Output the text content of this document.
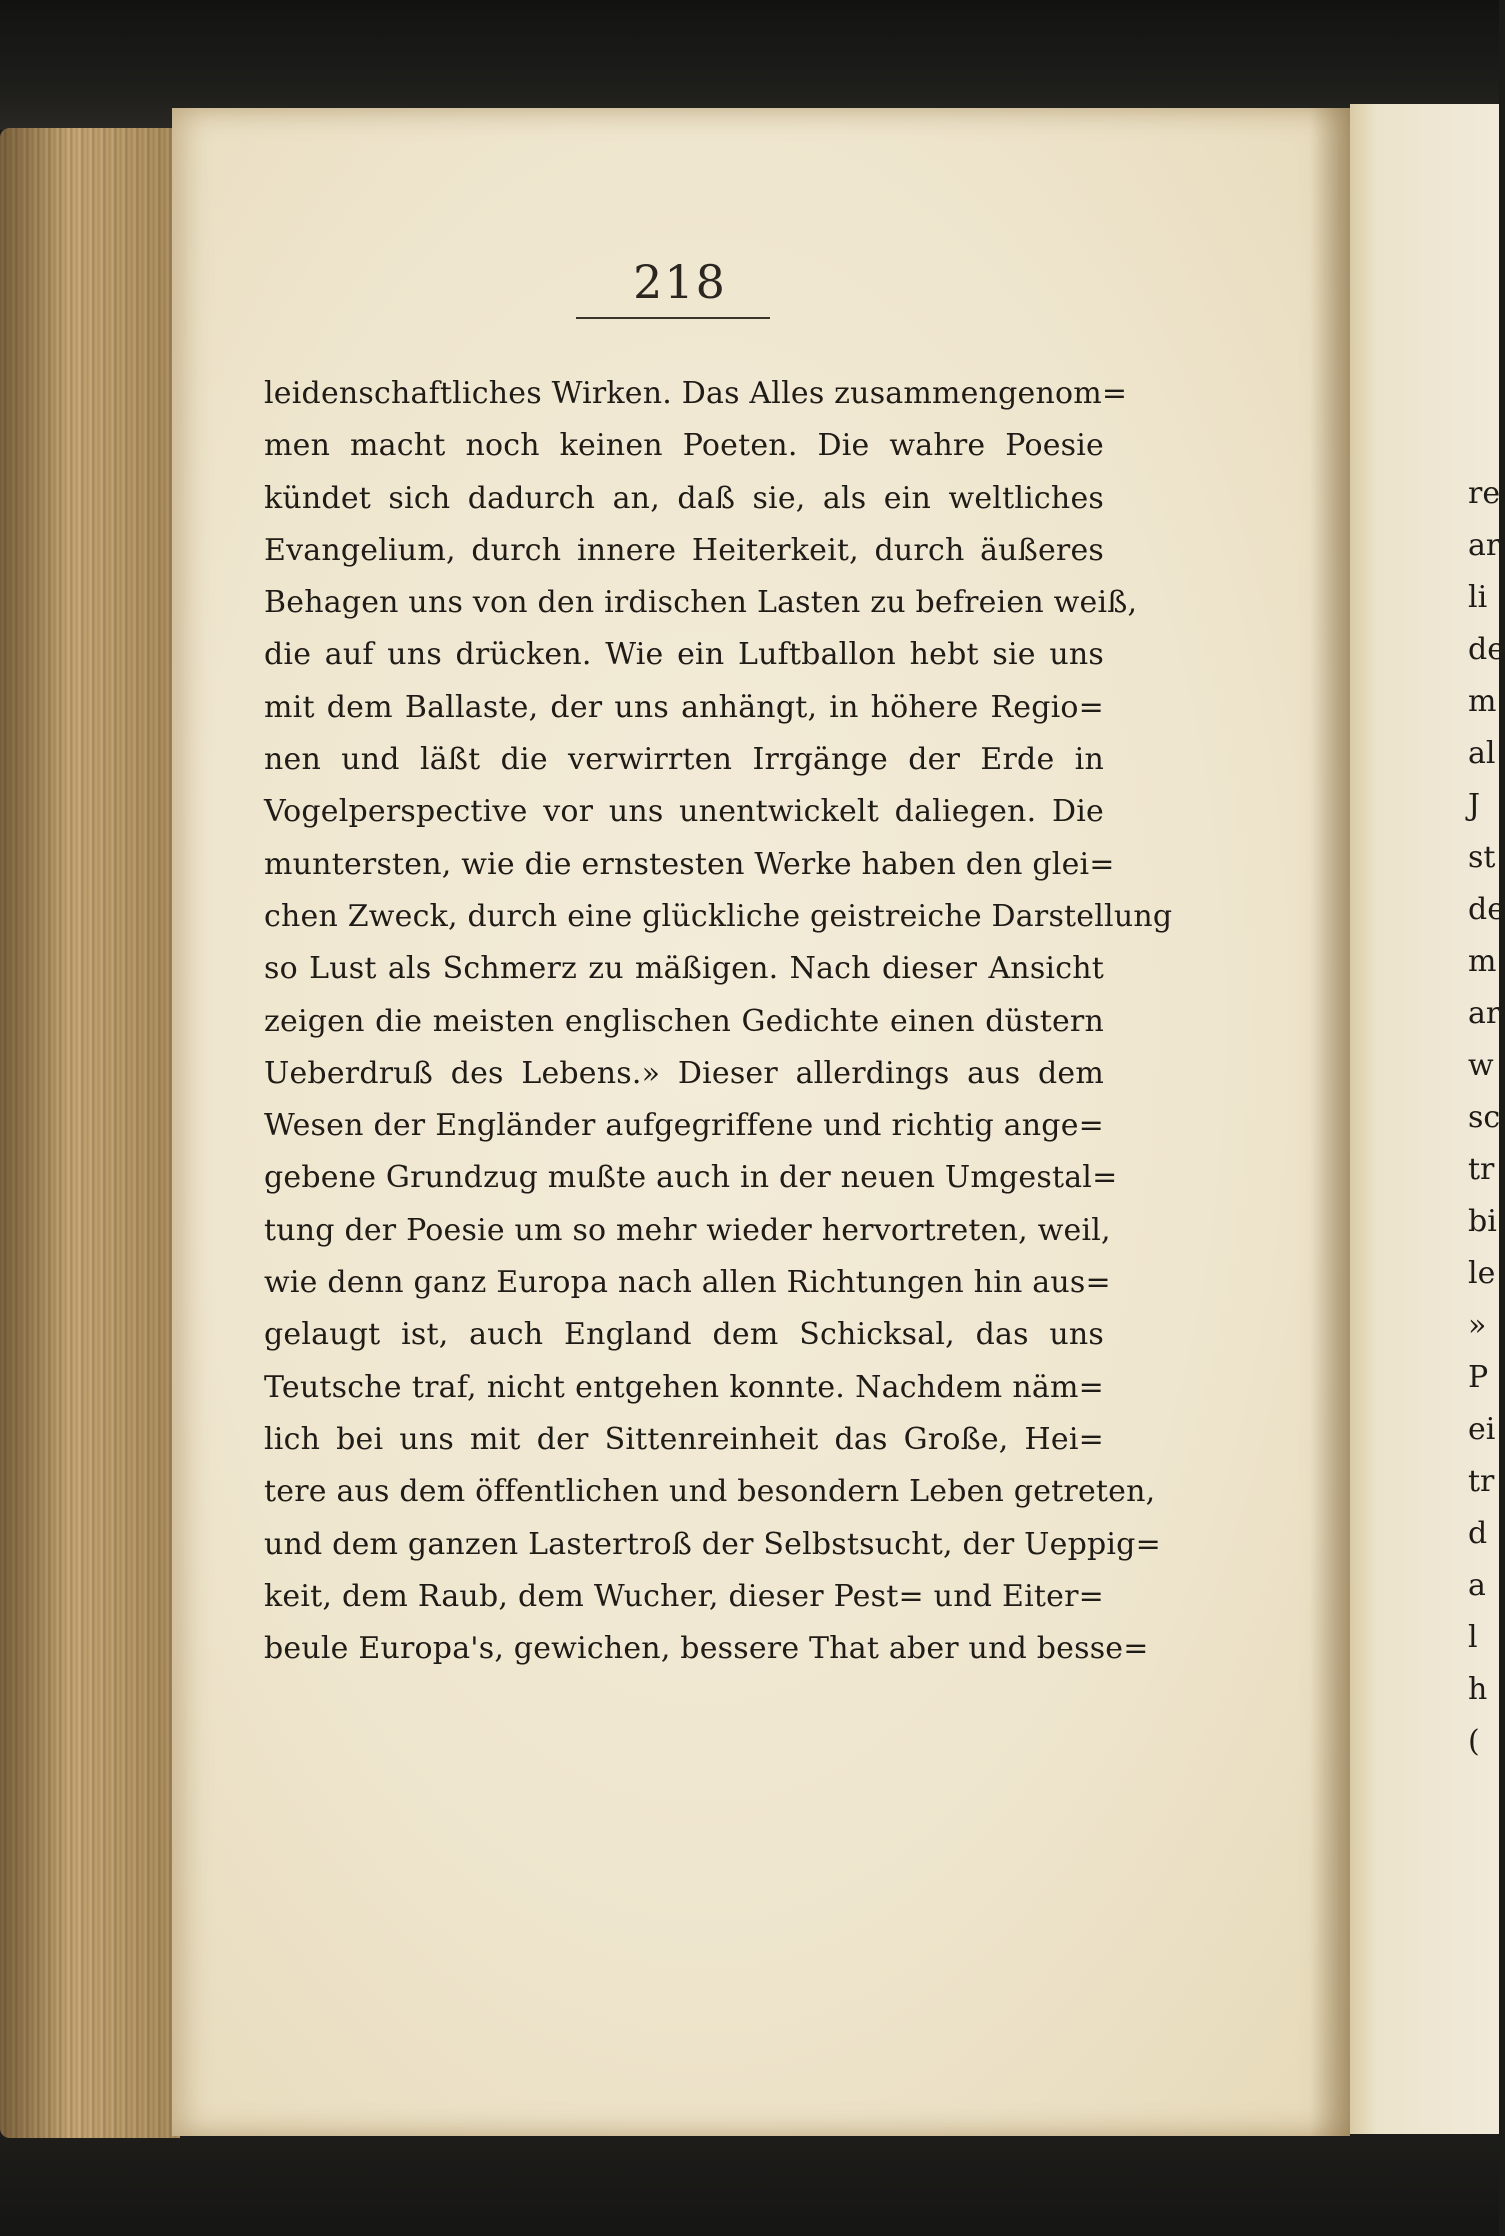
218
leidenschaftliches Wirken. Das Alles zusammengenom=
men macht noch keinen Poeten. Die wahre Poesie
kündet sich dadurch an, daß sie, als ein weltliches
Evangelium, durch innere Heiterkeit, durch äußeres
Behagen uns von den irdischen Lasten zu befreien weiß,
die auf uns drücken. Wie ein Luftballon hebt sie uns
mit dem Ballaste, der uns anhängt, in höhere Regio=
nen und läßt die verwirrten Irrgänge der Erde in
Vogelperspective vor uns unentwickelt daliegen. Die
muntersten, wie die ernstesten Werke haben den glei=
chen Zweck, durch eine glückliche geistreiche Darstellung
so Lust als Schmerz zu mäßigen. Nach dieser Ansicht
zeigen die meisten englischen Gedichte einen düstern
Ueberdruß des Lebens.» Dieser allerdings aus dem
Wesen der Engländer aufgegriffene und richtig ange=
gebene Grundzug mußte auch in der neuen Umgestal=
tung der Poesie um so mehr wieder hervortreten, weil,
wie denn ganz Europa nach allen Richtungen hin aus=
gelaugt ist, auch England dem Schicksal, das uns
Teutsche traf, nicht entgehen konnte. Nachdem näm=
lich bei uns mit der Sittenreinheit das Große, Hei=
tere aus dem öffentlichen und besondern Leben getreten,
und dem ganzen Lastertroß der Selbstsucht, der Ueppig=
keit, dem Raub, dem Wucher, dieser Pest= und Eiter=
beule Europa's, gewichen, bessere That aber und besse=
re
ar
li
de
m
al
J
st
de
m
ar
w
sc
tr
bi
le
»
P
ei
tr
d
a
l
h
(
